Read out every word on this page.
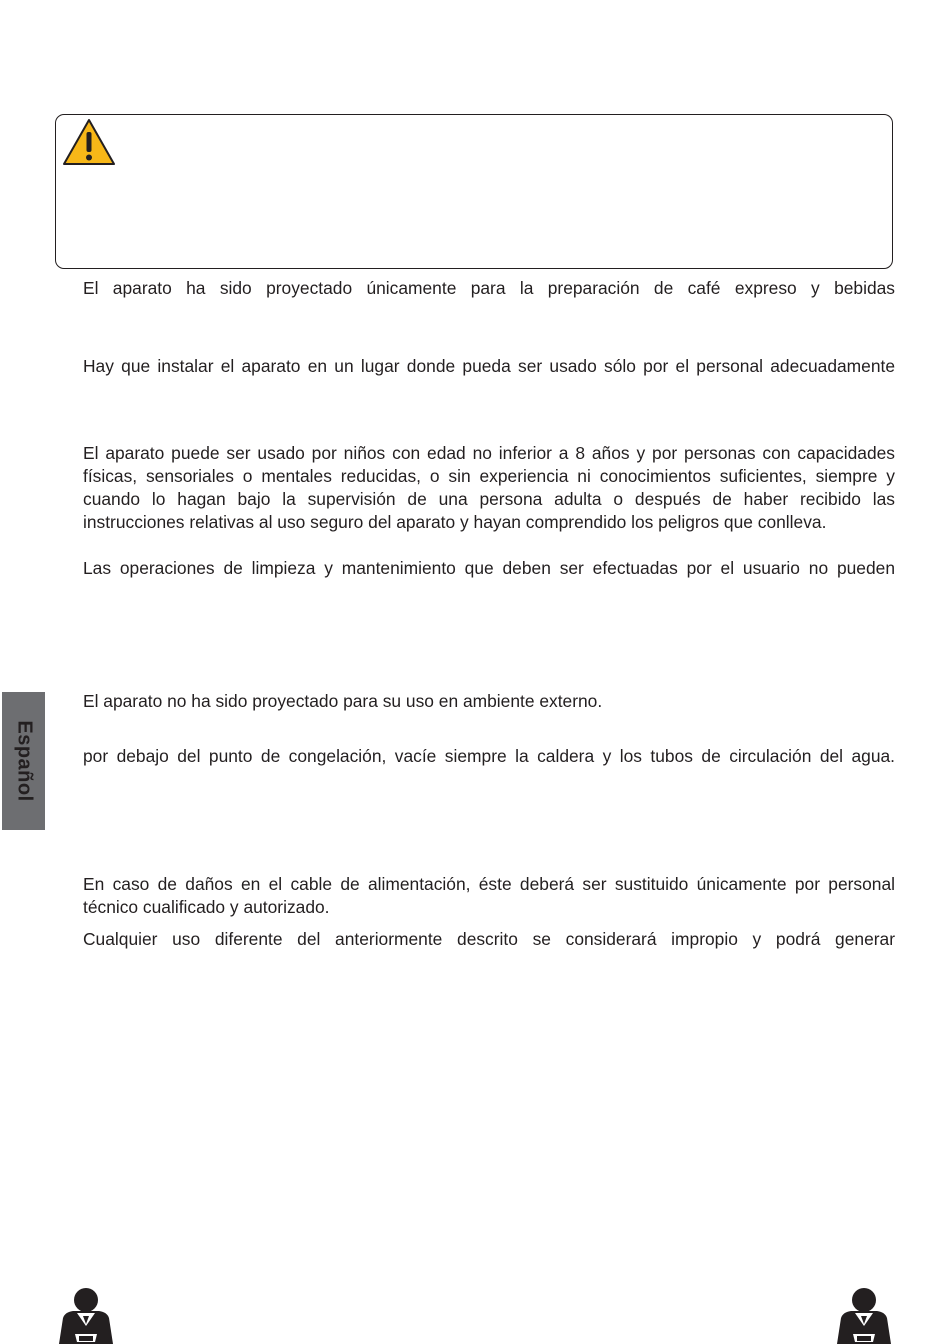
El aparato ha sido proyectado únicamente para la preparación de café expreso y bebidas

Hay que instalar el aparato en un lugar donde pueda ser usado sólo por el personal adecuadamente

El aparato puede ser usado por niños con edad no inferior a 8 años y por personas con capacidades físicas, sensoriales o mentales reducidas, o sin experiencia ni conocimientos suficientes, siempre y cuando lo hagan bajo la supervisión de una persona adulta o después de haber recibido las instrucciones relativas al uso seguro del aparato y hayan comprendido los peligros que conlleva.

Las operaciones de limpieza y mantenimiento que deben ser efectuadas por el usuario no pueden

El aparato no ha sido proyectado para su uso en ambiente externo.

por debajo del punto de congelación, vacíe siempre la caldera y los tubos de circulación del agua.

En caso de daños en el cable de alimentación, éste deberá ser sustituido únicamente por personal técnico cualificado y autorizado.

Cualquier uso diferente del anteriormente descrito se considerará impropio y podrá generar

Español
